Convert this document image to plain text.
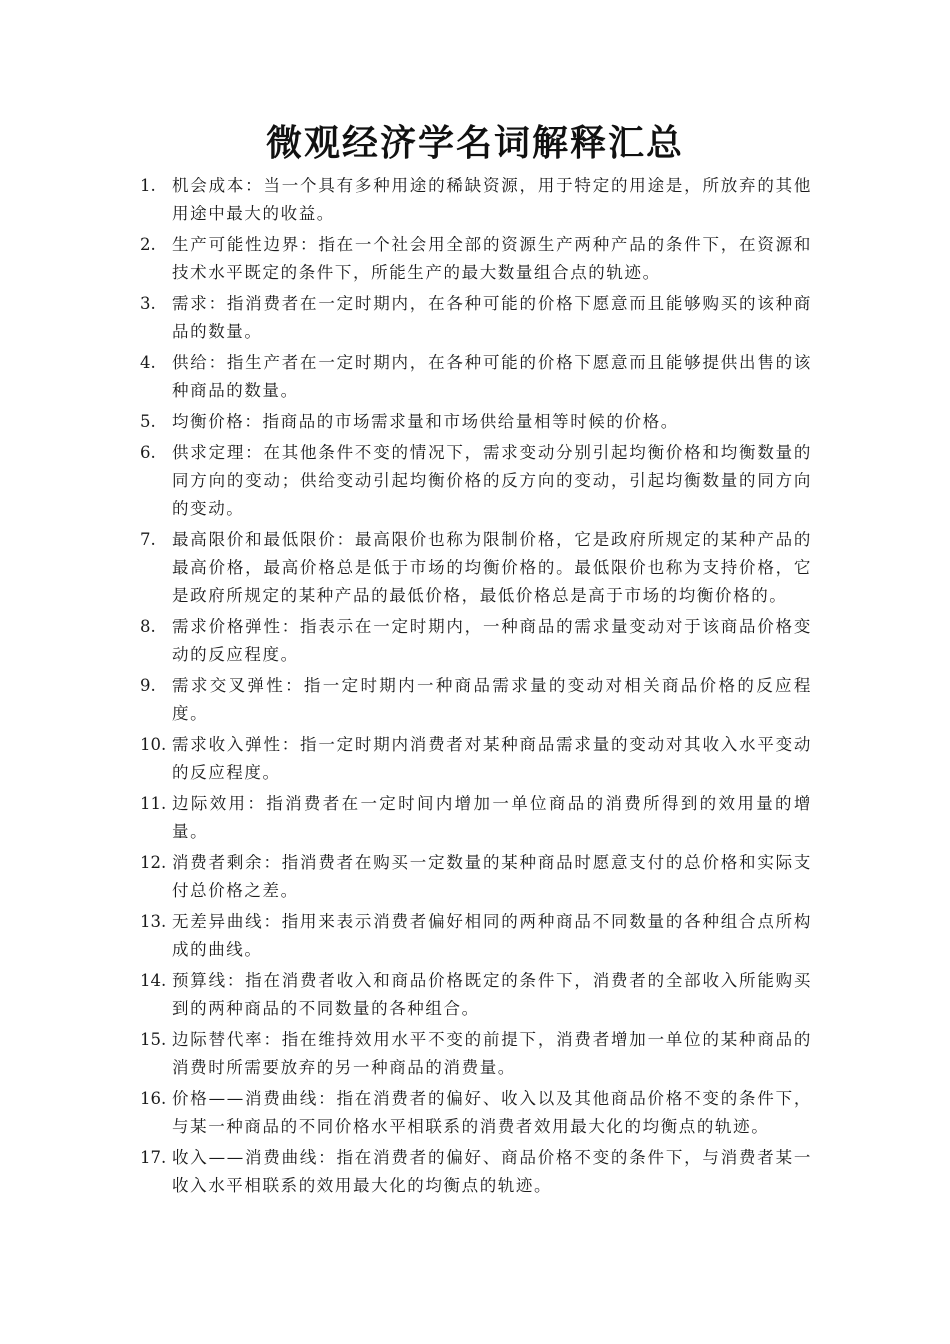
微观经济学名词解释汇总
1. 机会成本：当一个具有多种用途的稀缺资源，用于特定的用途是，所放弃的其他用途中最大的收益。
2. 生产可能性边界：指在一个社会用全部的资源生产两种产品的条件下，在资源和技术水平既定的条件下，所能生产的最大数量组合点的轨迹。
3. 需求：指消费者在一定时期内，在各种可能的价格下愿意而且能够购买的该种商品的数量。
4. 供给：指生产者在一定时期内，在各种可能的价格下愿意而且能够提供出售的该种商品的数量。
5. 均衡价格：指商品的市场需求量和市场供给量相等时候的价格。
6. 供求定理：在其他条件不变的情况下，需求变动分别引起均衡价格和均衡数量的同方向的变动；供给变动引起均衡价格的反方向的变动，引起均衡数量的同方向的变动。
7. 最高限价和最低限价：最高限价也称为限制价格，它是政府所规定的某种产品的最高价格，最高价格总是低于市场的均衡价格的。最低限价也称为支持价格，它是政府所规定的某种产品的最低价格，最低价格总是高于市场的均衡价格的。
8. 需求价格弹性：指表示在一定时期内，一种商品的需求量变动对于该商品价格变动的反应程度。
9. 需求交叉弹性：指一定时期内一种商品需求量的变动对相关商品价格的反应程度。
10. 需求收入弹性：指一定时期内消费者对某种商品需求量的变动对其收入水平变动的反应程度。
11. 边际效用：指消费者在一定时间内增加一单位商品的消费所得到的效用量的增量。
12. 消费者剩余：指消费者在购买一定数量的某种商品时愿意支付的总价格和实际支付总价格之差。
13. 无差异曲线：指用来表示消费者偏好相同的两种商品不同数量的各种组合点所构成的曲线。
14. 预算线：指在消费者收入和商品价格既定的条件下，消费者的全部收入所能购买到的两种商品的不同数量的各种组合。
15. 边际替代率：指在维持效用水平不变的前提下，消费者增加一单位的某种商品的消费时所需要放弃的另一种商品的消费量。
16. 价格——消费曲线：指在消费者的偏好、收入以及其他商品价格不变的条件下，与某一种商品的不同价格水平相联系的消费者效用最大化的均衡点的轨迹。
17. 收入——消费曲线：指在消费者的偏好、商品价格不变的条件下，与消费者某一收入水平相联系的效用最大化的均衡点的轨迹。
